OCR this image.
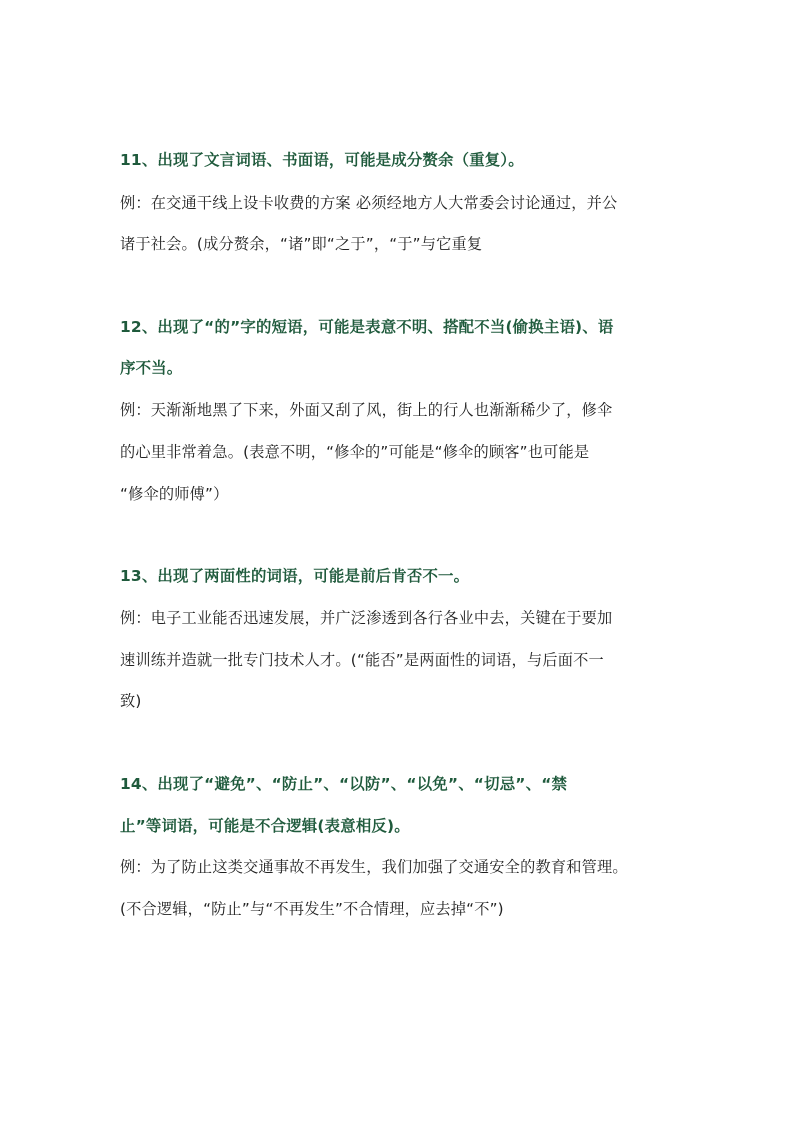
11、出现了文言词语、书面语，可能是成分赘余（重复）。
例：在交通干线上设卡收费的方案 必须经地方人大常委会讨论通过，并公
诸于社会。(成分赘余，“诸”即“之于”，“于”与它重复
12、出现了“的”字的短语，可能是表意不明、搭配不当(偷换主语)、语
序不当。
例：天渐渐地黑了下来，外面又刮了风，街上的行人也渐渐稀少了，修伞
的心里非常着急。(表意不明，“修伞的”可能是“修伞的顾客”也可能是
“修伞的师傅”）
13、出现了两面性的词语，可能是前后肯否不一。
例：电子工业能否迅速发展，并广泛渗透到各行各业中去，关键在于要加
速训练并造就一批专门技术人才。(“能否”是两面性的词语，与后面不一
致)
14、出现了“避免”、“防止”、“以防”、“以免”、“切忌”、“禁
止”等词语，可能是不合逻辑(表意相反)。
例：为了防止这类交通事故不再发生，我们加强了交通安全的教育和管理。
(不合逻辑，“防止”与“不再发生”不合情理，应去掉“不”)
